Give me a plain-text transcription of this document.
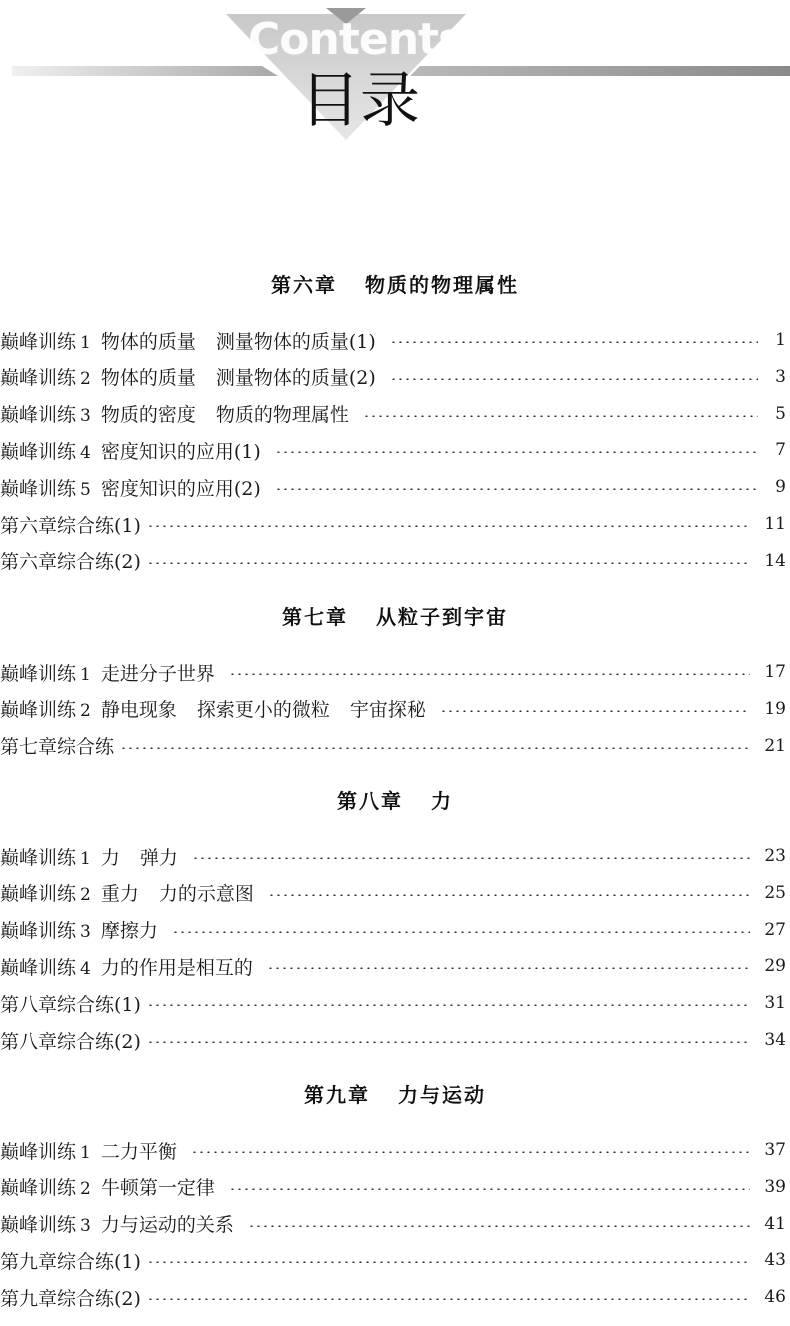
Contents
目录
第六章 物质的物理属性
巅峰训练 1 物体的质量 测量物体的质量(1)	1
巅峰训练 2 物体的质量 测量物体的质量(2)	3
巅峰训练 3 物质的密度 物质的物理属性	5
巅峰训练 4 密度知识的应用(1)	7
巅峰训练 5 密度知识的应用(2)	9
第六章综合练(1)	11
第六章综合练(2)	14
第七章 从粒子到宇宙
巅峰训练 1 走进分子世界	17
巅峰训练 2 静电现象 探索更小的微粒 宇宙探秘	19
第七章综合练	21
第八章 力
巅峰训练 1 力 弹力	23
巅峰训练 2 重力 力的示意图	25
巅峰训练 3 摩擦力	27
巅峰训练 4 力的作用是相互的	29
第八章综合练(1)	31
第八章综合练(2)	34
第九章 力与运动
巅峰训练 1 二力平衡	37
巅峰训练 2 牛顿第一定律	39
巅峰训练 3 力与运动的关系	41
第九章综合练(1)	43
第九章综合练(2)	46
